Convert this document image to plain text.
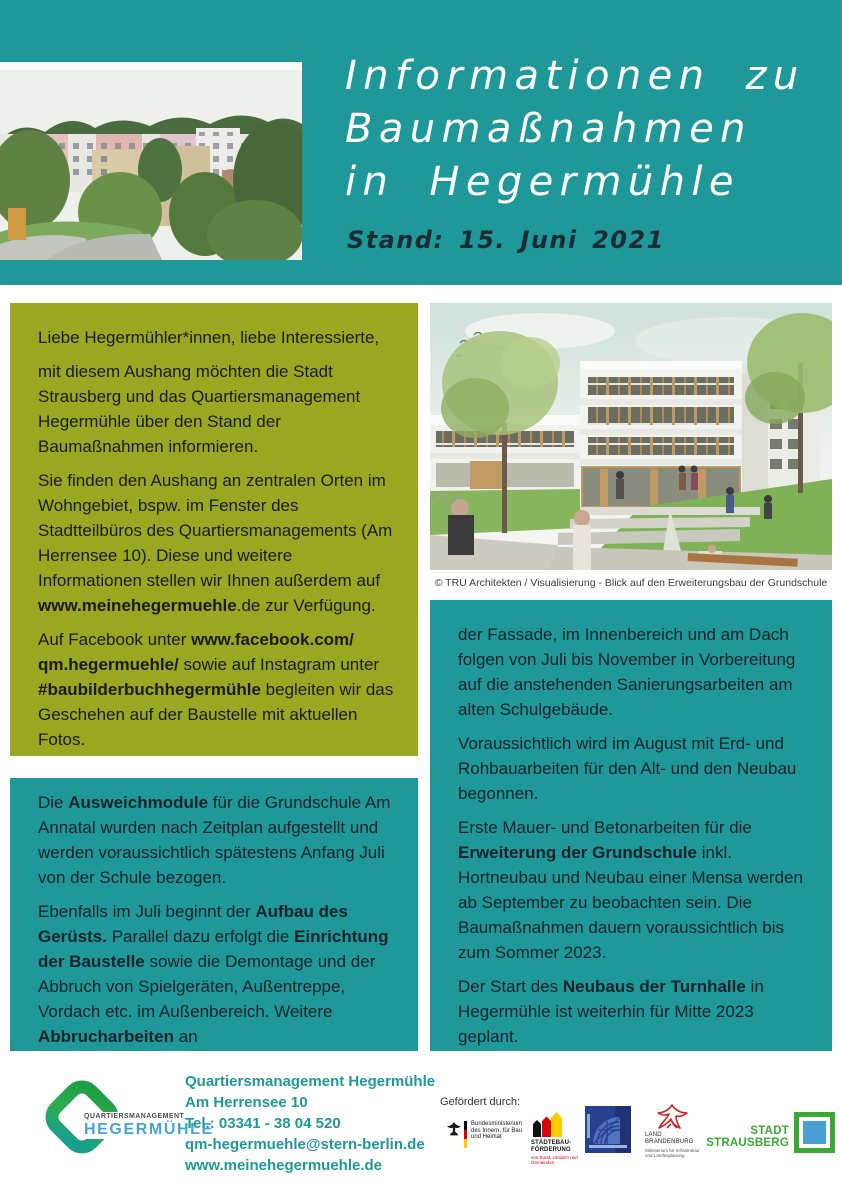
Informationen zu
Baumaßnahmen
in Hegermühle
Stand: 15. Juni 2021

Liebe Hegermühler*innen, liebe Interessierte,

mit diesem Aushang möchten die Stadt Strausberg und das Quartiersmanagement Hegermühle über den Stand der Baumaßnahmen informieren.

Sie finden den Aushang an zentralen Orten im Wohngebiet, bspw. im Fenster des Stadtteilbüros des Quartiersmanagements (Am Herrensee 10). Diese und weitere Informationen stellen wir Ihnen außerdem auf www.meinehegermuehle.de zur Verfügung.

Auf Facebook unter www.facebook.com/ qm.hegermuehle/ sowie auf Instagram unter #baubilderbuchhegermühle begleiten wir das Geschehen auf der Baustelle mit aktuellen Fotos.

© TRU Architekten / Visualisierung - Blick auf den Erweiterungsbau der Grundschule

Die Ausweichmodule für die Grundschule Am Annatal wurden nach Zeitplan aufgestellt und werden voraussichtlich spätestens Anfang Juli von der Schule bezogen.

Ebenfalls im Juli beginnt der Aufbau des Gerüsts. Parallel dazu erfolgt die Einrichtung der Baustelle sowie die Demontage und der Abbruch von Spielgeräten, Außentreppe, Vordach etc. im Außenbereich. Weitere Abbrucharbeiten an

der Fassade, im Innenbereich und am Dach folgen von Juli bis November in Vorbereitung auf die anstehenden Sanierungsarbeiten am alten Schulgebäude.

Voraussichtlich wird im August mit Erd- und Rohbauarbeiten für den Alt- und den Neubau begonnen.

Erste Mauer- und Betonarbeiten für die Erweiterung der Grundschule inkl. Hortneubau und Neubau einer Mensa werden ab September zu beobachten sein. Die Baumaßnahmen dauern voraussichtlich bis zum Sommer 2023.

Der Start des Neubaus der Turnhalle in Hegermühle ist weiterhin für Mitte 2023 geplant.

QUARTIERSMANAGEMENT
HEGERMÜHLE
Quartiersmanagement Hegermühle
Am Herrensee 10
Tel.: 03341 - 38 04 520
qm-hegermuehle@stern-berlin.de
www.meinehegermuehle.de
Gefördert durch:
Bundesministerium
des Innern, für Bau
und Heimat
STÄDTEBAU-
FÖRDERUNG
von Bund, Ländern und
Gemeinden
LAND
BRANDENBURG
Ministerium für Infrastruktur
und Landesplanung
STADT
STRAUSBERG
